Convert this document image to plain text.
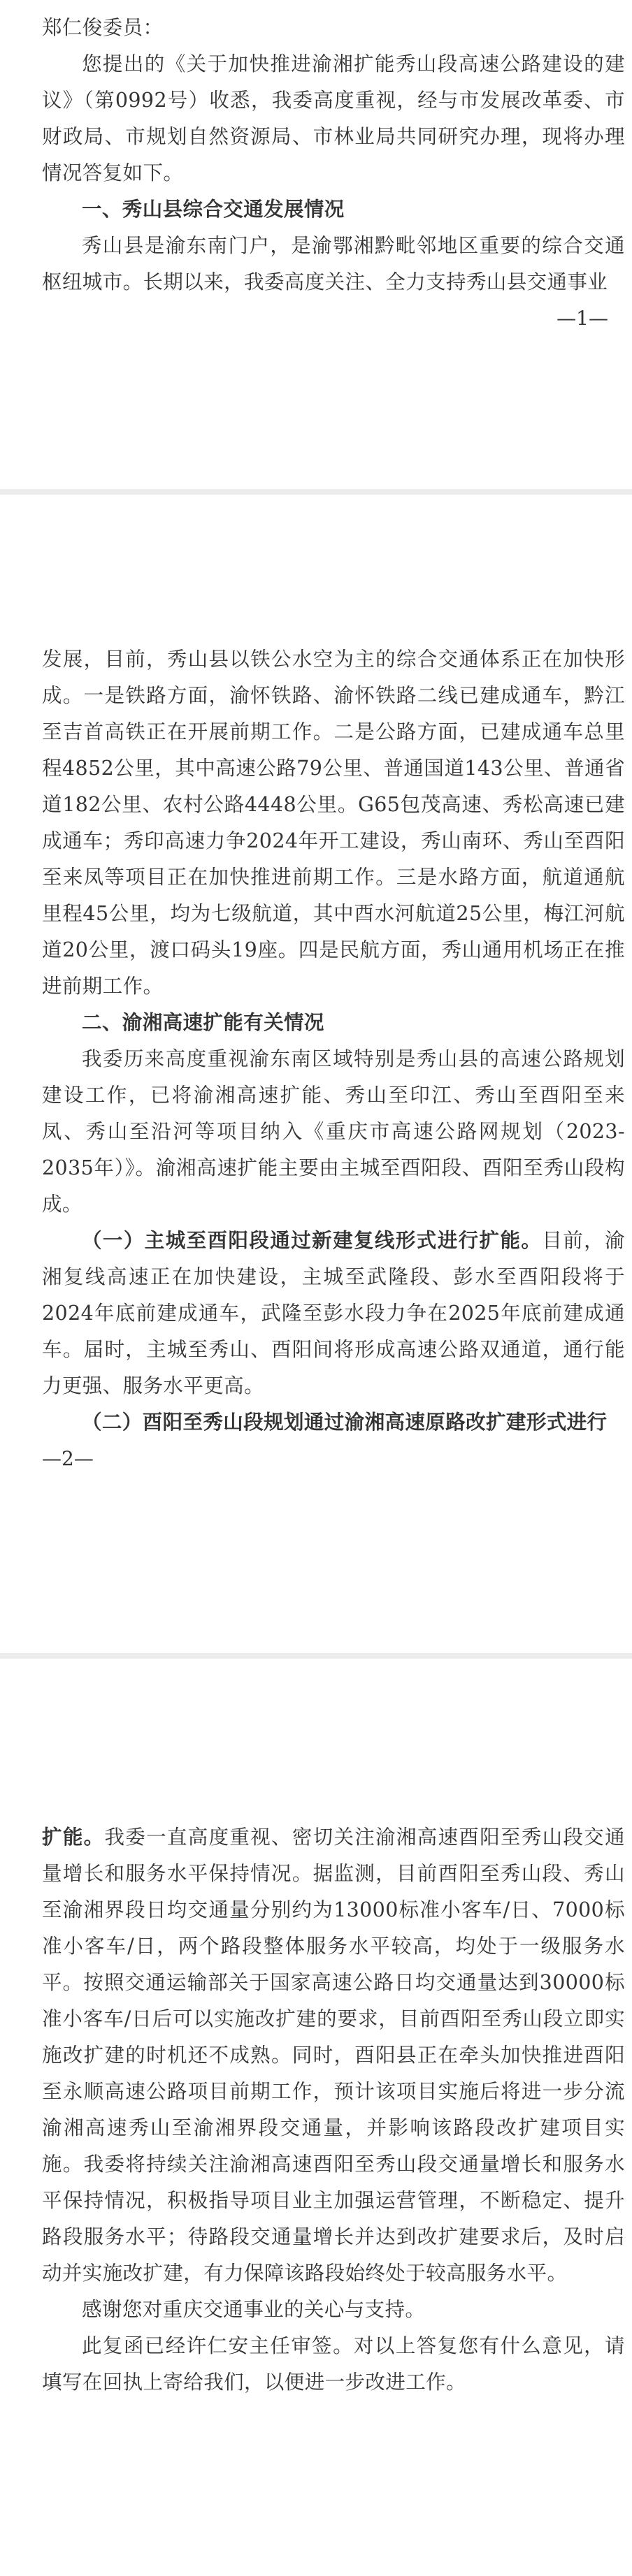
郑仁俊委员：

您提出的《关于加快推进渝湘扩能秀山段高速公路建设的建议》（第0992号）收悉，我委高度重视，经与市发展改革委、市财政局、市规划自然资源局、市林业局共同研究办理，现将办理情况答复如下。

一、秀山县综合交通发展情况

秀山县是渝东南门户，是渝鄂湘黔毗邻地区重要的综合交通枢纽城市。长期以来，我委高度关注、全力支持秀山县交通事业

—1—

发展，目前，秀山县以铁公水空为主的综合交通体系正在加快形成。一是铁路方面，渝怀铁路、渝怀铁路二线已建成通车，黔江至吉首高铁正在开展前期工作。二是公路方面，已建成通车总里程4852公里，其中高速公路79公里、普通国道143公里、普通省道182公里、农村公路4448公里。G65包茂高速、秀松高速已建成通车；秀印高速力争2024年开工建设，秀山南环、秀山至酉阳至来凤等项目正在加快推进前期工作。三是水路方面，航道通航里程45公里，均为七级航道，其中酉水河航道25公里，梅江河航道20公里，渡口码头19座。四是民航方面，秀山通用机场正在推进前期工作。

二、渝湘高速扩能有关情况

我委历来高度重视渝东南区域特别是秀山县的高速公路规划建设工作，已将渝湘高速扩能、秀山至印江、秀山至酉阳至来凤、秀山至沿河等项目纳入《重庆市高速公路网规划（2023-2035年）》。渝湘高速扩能主要由主城至酉阳段、酉阳至秀山段构成。

（一）主城至酉阳段通过新建复线形式进行扩能。目前，渝湘复线高速正在加快建设，主城至武隆段、彭水至酉阳段将于2024年底前建成通车，武隆至彭水段力争在2025年底前建成通车。届时，主城至秀山、酉阳间将形成高速公路双通道，通行能力更强、服务水平更高。

（二）酉阳至秀山段规划通过渝湘高速原路改扩建形式进行

—2—

扩能。我委一直高度重视、密切关注渝湘高速酉阳至秀山段交通量增长和服务水平保持情况。据监测，目前酉阳至秀山段、秀山至渝湘界段日均交通量分别约为13000标准小客车/日、7000标准小客车/日，两个路段整体服务水平较高，均处于一级服务水平。按照交通运输部关于国家高速公路日均交通量达到30000标准小客车/日后可以实施改扩建的要求，目前酉阳至秀山段立即实施改扩建的时机还不成熟。同时，酉阳县正在牵头加快推进酉阳至永顺高速公路项目前期工作，预计该项目实施后将进一步分流渝湘高速秀山至渝湘界段交通量，并影响该路段改扩建项目实施。我委将持续关注渝湘高速酉阳至秀山段交通量增长和服务水平保持情况，积极指导项目业主加强运营管理，不断稳定、提升路段服务水平；待路段交通量增长并达到改扩建要求后，及时启动并实施改扩建，有力保障该路段始终处于较高服务水平。

感谢您对重庆交通事业的关心与支持。

此复函已经许仁安主任审签。对以上答复您有什么意见，请填写在回执上寄给我们，以便进一步改进工作。
